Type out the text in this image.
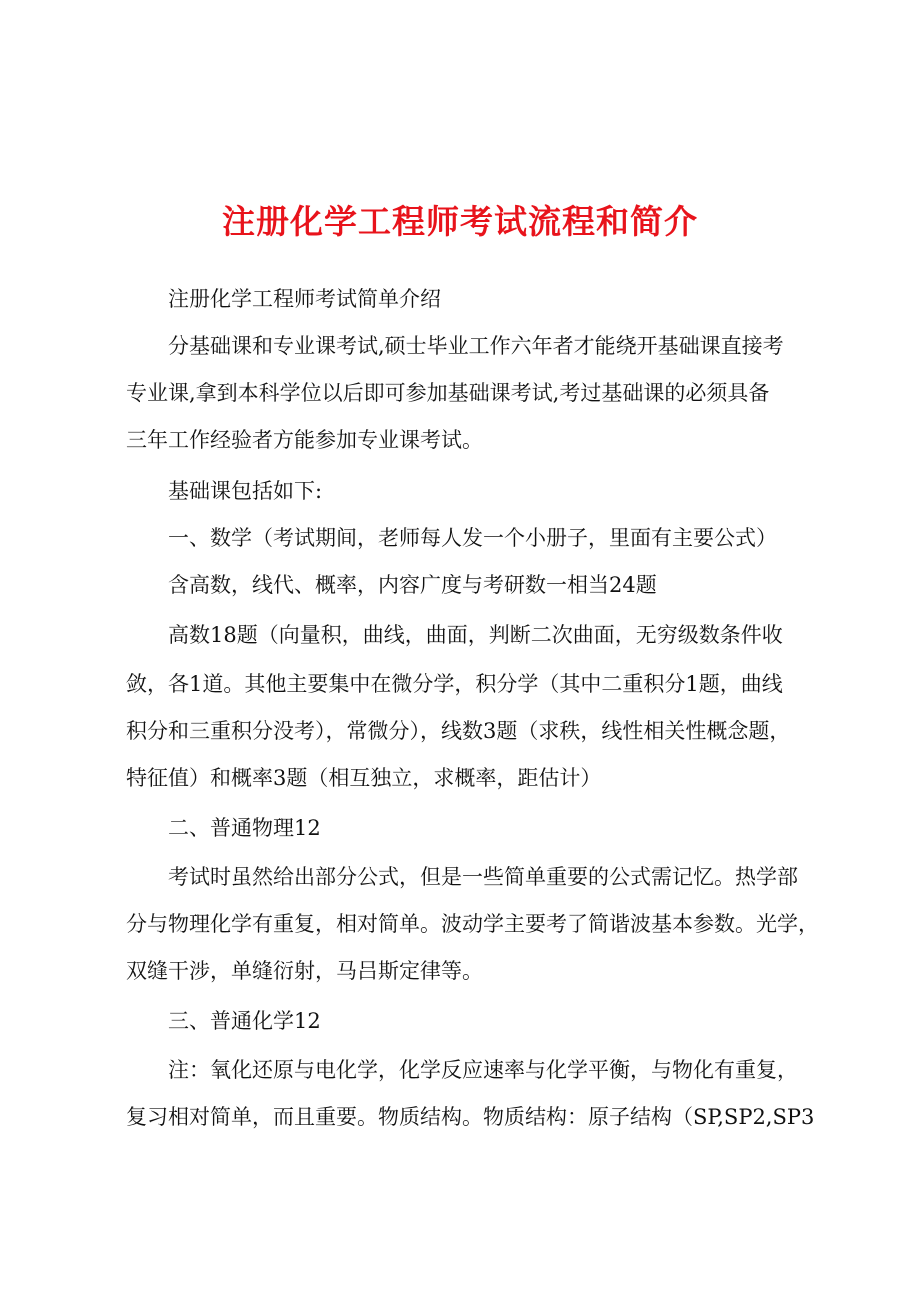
注册化学工程师考试流程和简介
注册化学工程师考试简单介绍
分基础课和专业课考试,硕士毕业工作六年者才能绕开基础课直接考
专业课,拿到本科学位以后即可参加基础课考试,考过基础课的必须具备
三年工作经验者方能参加专业课考试。
基础课包括如下:
一、数学（考试期间，老师每人发一个小册子，里面有主要公式）
含高数，线代、概率，内容广度与考研数一相当24题
高数18题（向量积，曲线，曲面，判断二次曲面，无穷级数条件收
敛，各1道。其他主要集中在微分学，积分学（其中二重积分1题，曲线
积分和三重积分没考），常微分），线数3题（求秩，线性相关性概念题，
特征值）和概率3题（相互独立，求概率，距估计）
二、普通物理12
考试时虽然给出部分公式，但是一些简单重要的公式需记忆。热学部
分与物理化学有重复，相对简单。波动学主要考了简谐波基本参数。光学，
双缝干涉，单缝衍射，马吕斯定律等。
三、普通化学12
注：氧化还原与电化学，化学反应速率与化学平衡，与物化有重复，
复习相对简单，而且重要。物质结构。物质结构：原子结构（SP,SP2,SP3
